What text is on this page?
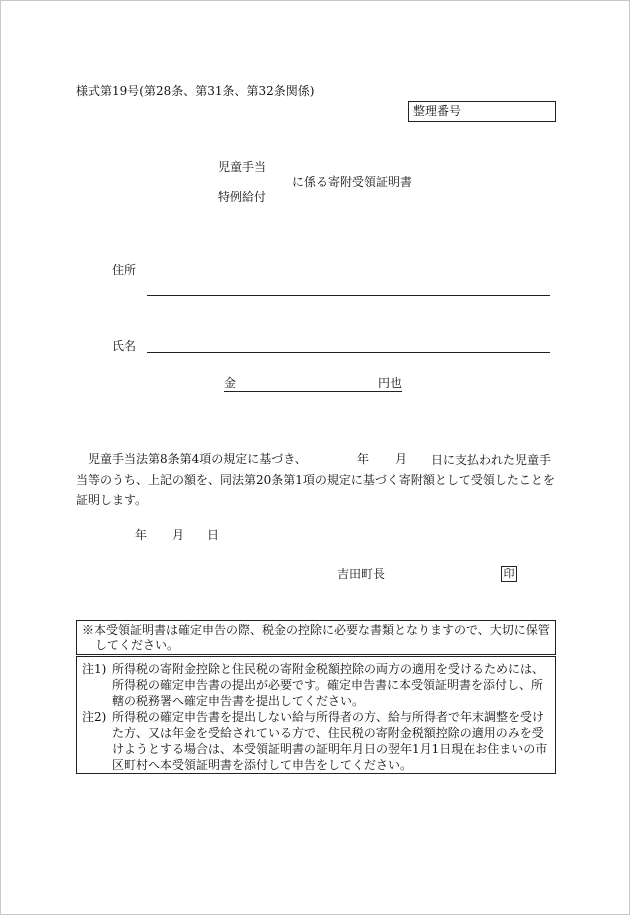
様式第19号(第28条、第31条、第32条関係)
整理番号
児童手当
に係る寄附受領証明書
特例給付
住所
氏名
金	円也
児童手当法第8条第4項の規定に基づき、	年 月	日に支払われた児童手当等のうち、上記の額を、同法第20条第1項の規定に基づく寄附額として受領したことを証明します。
年 月 日
吉田町長	印
※本受領証明書は確定申告の際、税金の控除に必要な書類となりますので、大切に保管
してください。
注1) 所得税の寄附金控除と住民税の寄附金税額控除の両方の適用を受けるためには、所得税の確定申告書の提出が必要です。確定申告書に本受領証明書を添付し、所轄の税務署へ確定申告書を提出してください。
注2) 所得税の確定申告書を提出しない給与所得者の方、給与所得者で年末調整を受けた方、又は年金を受給されている方で、住民税の寄附金税額控除の適用のみを受けようとする場合は、本受領証明書の証明年月日の翌年1月1日現在お住まいの市区町村へ本受領証明書を添付して申告をしてください。
